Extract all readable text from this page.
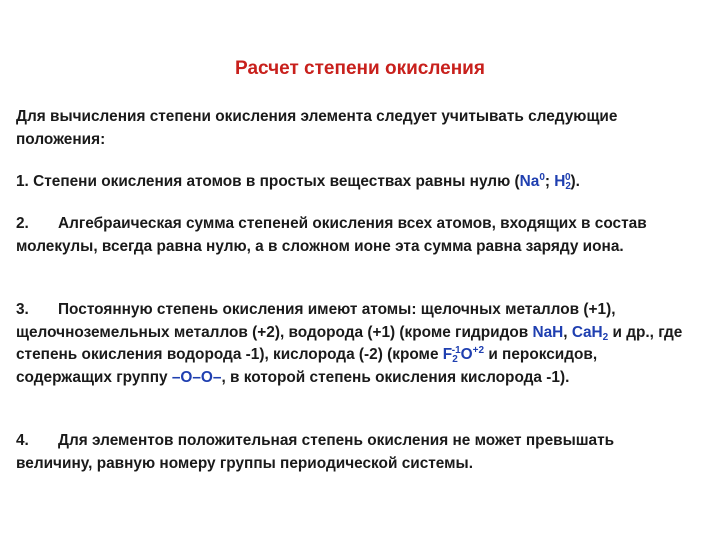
Расчет степени окисления

Для вычисления степени окисления элемента следует учитывать следующие положения:

1. Степени окисления атомов в простых веществах равны нулю (Na$^0$; $H_2^0$).

2. Алгебраическая сумма степеней окисления всех атомов, входящих в состав молекулы, всегда равна нулю, а в сложном ионе эта сумма равна заряду иона.

3. Постоянную степень окисления имеют атомы: щелочных металлов (+1), щелочноземельных металлов (+2), водорода (+1) (кроме гидридов NaH, CaH$_2$ и др., где степень окисления водорода -1), кислорода (-2) (кроме $F_2^{-1}O^{+2}$ и пероксидов, содержащих группу –О–О–, в которой степень окисления кислорода -1).

4. Для элементов положительная степень окисления не может превышать величину, равную номеру группы периодической системы.
